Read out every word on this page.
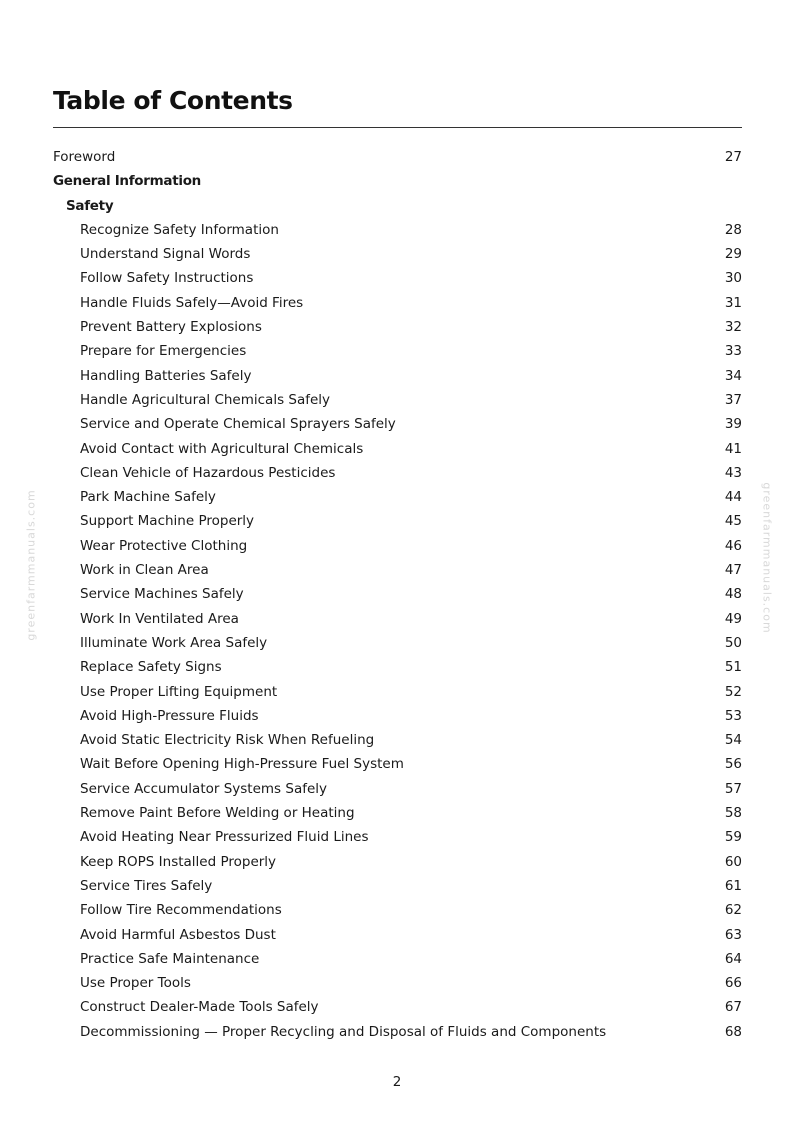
Table of Contents
Foreword	27
General Information
Safety
Recognize Safety Information	28
Understand Signal Words	29
Follow Safety Instructions	30
Handle Fluids Safely—Avoid Fires	31
Prevent Battery Explosions	32
Prepare for Emergencies	33
Handling Batteries Safely	34
Handle Agricultural Chemicals Safely	37
Service and Operate Chemical Sprayers Safely	39
Avoid Contact with Agricultural Chemicals	41
Clean Vehicle of Hazardous Pesticides	43
Park Machine Safely	44
Support Machine Properly	45
Wear Protective Clothing	46
Work in Clean Area	47
Service Machines Safely	48
Work In Ventilated Area	49
Illuminate Work Area Safely	50
Replace Safety Signs	51
Use Proper Lifting Equipment	52
Avoid High-Pressure Fluids	53
Avoid Static Electricity Risk When Refueling	54
Wait Before Opening High-Pressure Fuel System	56
Service Accumulator Systems Safely	57
Remove Paint Before Welding or Heating	58
Avoid Heating Near Pressurized Fluid Lines	59
Keep ROPS Installed Properly	60
Service Tires Safely	61
Follow Tire Recommendations	62
Avoid Harmful Asbestos Dust	63
Practice Safe Maintenance	64
Use Proper Tools	66
Construct Dealer-Made Tools Safely	67
Decommissioning — Proper Recycling and Disposal of Fluids and Components	68
greenfarmmanuals.com	greenfarmmanuals.com
2
